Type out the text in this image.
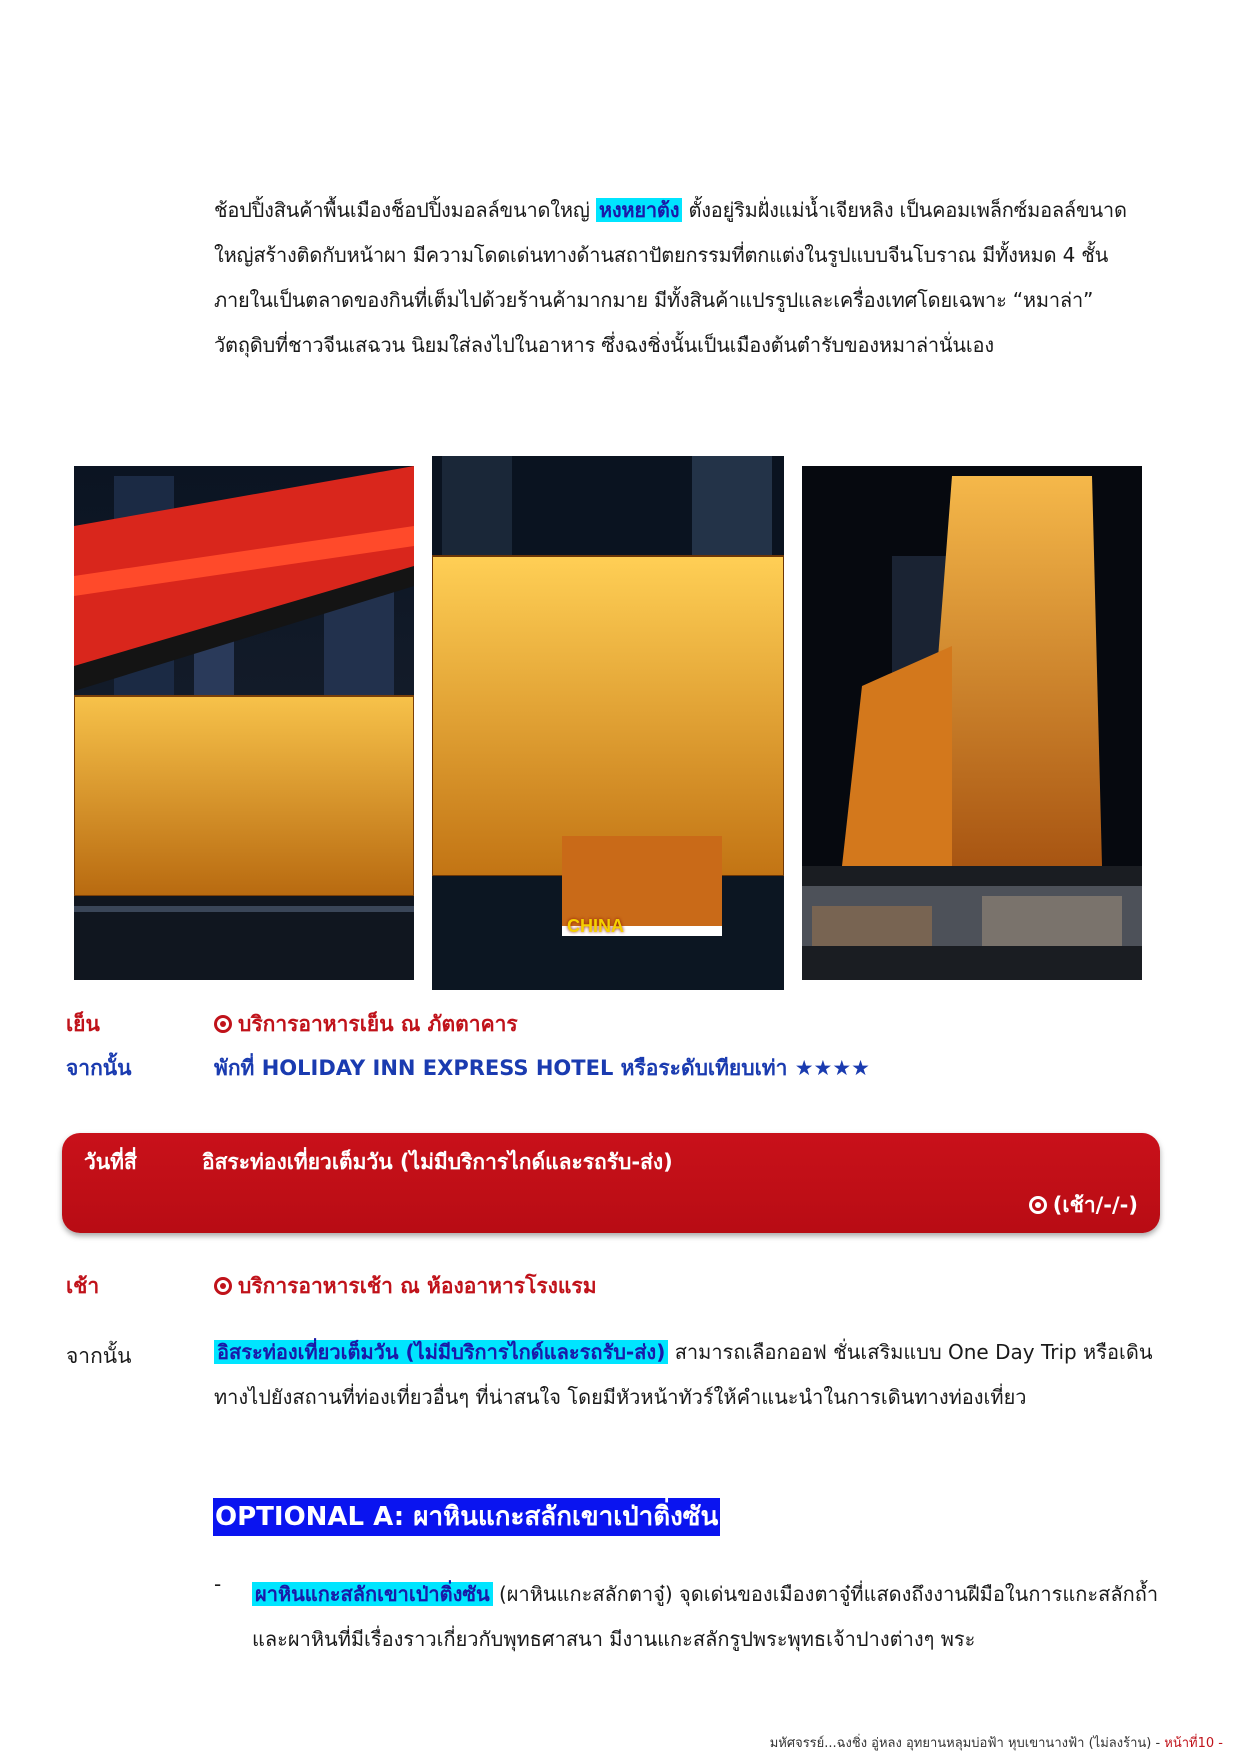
ช้อปปิ้งสินค้าพื้นเมืองช็อปปิ้งมอลล์ขนาดใหญ่ หงหยาต้ง ตั้งอยู่ริมฝั่งแม่น้ำเจียหลิง เป็นคอมเพล็กซ์มอลล์ขนาดใหญ่สร้างติดกับหน้าผา มีความโดดเด่นทางด้านสถาปัตยกรรมที่ตกแต่งในรูปแบบจีนโบราณ มีทั้งหมด 4 ชั้น ภายในเป็นตลาดของกินที่เต็มไปด้วยร้านค้ามากมาย มีทั้งสินค้าแปรรูปและเครื่องเทศโดยเฉพาะ “หมาล่า” วัตถุดิบที่ชาวจีนเสฉวน นิยมใส่ลงไปในอาหาร ซึ่งฉงชิ่งนั้นเป็นเมืองต้นตำรับของหมาล่านั่นเอง
CHINA
เย็น	บริการอาหารเย็น ณ ภัตตาคาร
จากนั้น	พักที่ HOLIDAY INN EXPRESS HOTEL หรือระดับเทียบเท่า ★★★★
วันที่สี่	อิสระท่องเที่ยวเต็มวัน (ไม่มีบริการไกด์และรถรับ-ส่ง)
(เช้า/-/-)
เช้า	บริการอาหารเช้า ณ ห้องอาหารโรงแรม
จากนั้น	อิสระท่องเที่ยวเต็มวัน (ไม่มีบริการไกด์และรถรับ-ส่ง) สามารถเลือกออฟ ชั่นเสริมแบบ One Day Trip หรือเดินทางไปยังสถานที่ท่องเที่ยวอื่นๆ ที่น่าสนใจ โดยมีหัวหน้าทัวร์ให้คำแนะนำในการเดินทางท่องเที่ยว
OPTIONAL A: ผาหินแกะสลักเขาเป่าติ่งซัน
- ผาหินแกะสลักเขาเป่าติ่งซัน (ผาหินแกะสลักตาจู๋) จุดเด่นของเมืองตาจู๋ที่แสดงถึงงานฝีมือในการแกะสลักถ้ำ และผาหินที่มีเรื่องราวเกี่ยวกับพุทธศาสนา มีงานแกะสลักรูปพระพุทธเจ้าปางต่างๆ พระ
มหัศจรรย์...ฉงชิ่ง อู่หลง อุทยานหลุมบ่อฟ้า หุบเขานางฟ้า (ไม่ลงร้าน) - หน้าที่10 -
